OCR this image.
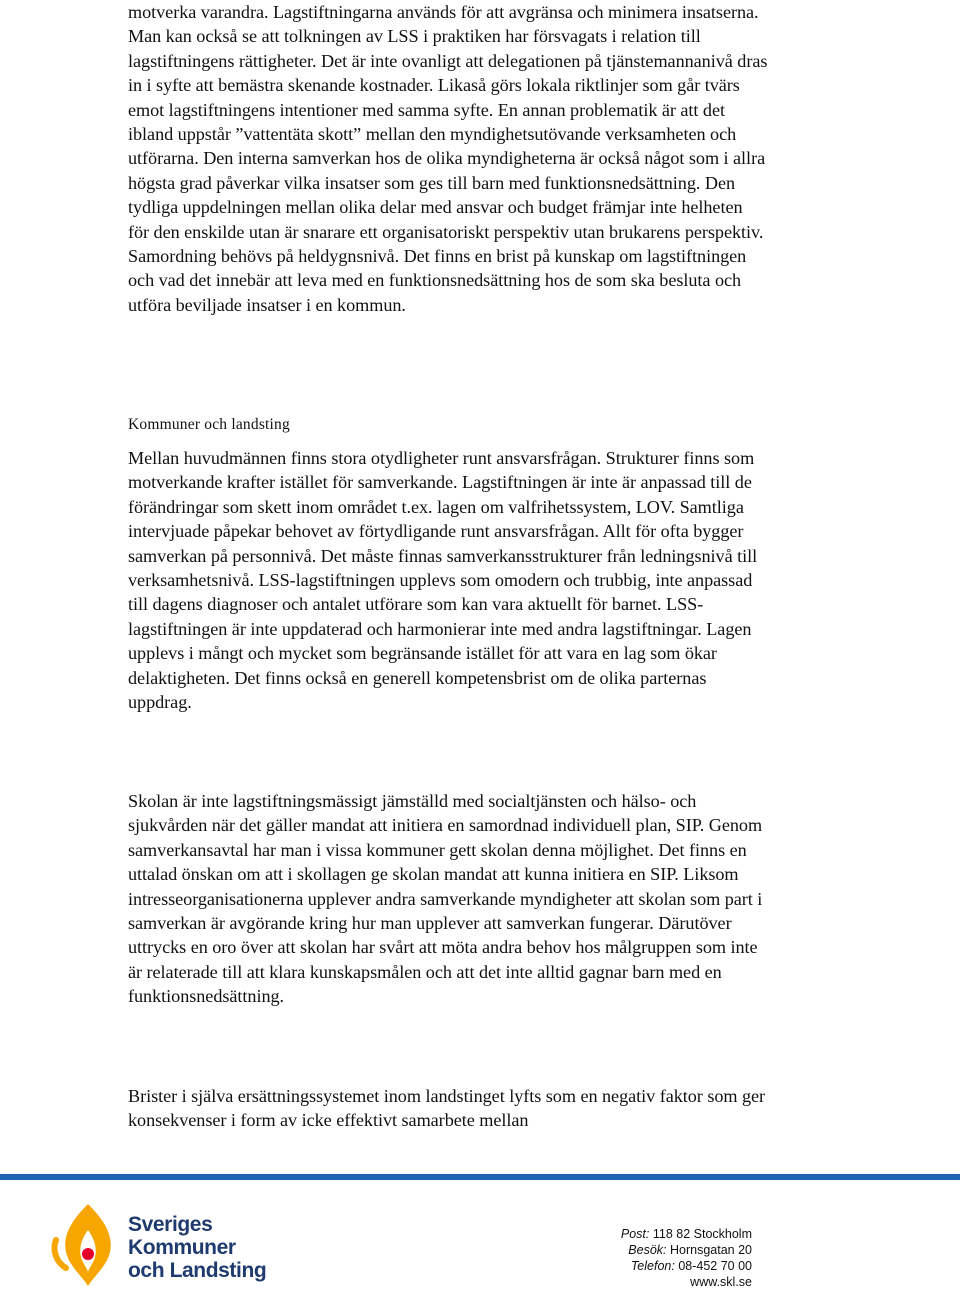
motverka varandra. Lagstiftningarna används för att avgränsa och minimera insatserna. Man kan också se att tolkningen av LSS i praktiken har försvagats i relation till lagstiftningens rättigheter. Det är inte ovanligt att delegationen på tjänstemannanivå dras in i syfte att bemästra skenande kostnader. Likaså görs lokala riktlinjer som går tvärs emot lagstiftningens intentioner med samma syfte. En annan problematik är att det ibland uppstår ”vattentäta skott” mellan den myndighetsutövande verksamheten och utförarna. Den interna samverkan hos de olika myndigheterna är också något som i allra högsta grad påverkar vilka insatser som ges till barn med funktionsnedsättning. Den tydliga uppdelningen mellan olika delar med ansvar och budget främjar inte helheten för den enskilde utan är snarare ett organisatoriskt perspektiv utan brukarens perspektiv. Samordning behövs på heldygnsnivå. Det finns en brist på kunskap om lagstiftningen och vad det innebär att leva med en funktionsnedsättning hos de som ska besluta och utföra beviljade insatser i en kommun.

Kommuner och landsting

Mellan huvudmännen finns stora otydligheter runt ansvarsfrågan. Strukturer finns som motverkande krafter istället för samverkande. Lagstiftningen är inte är anpassad till de förändringar som skett inom området t.ex. lagen om valfrihetssystem, LOV. Samtliga intervjuade påpekar behovet av förtydligande runt ansvarsfrågan. Allt för ofta bygger samverkan på personnivå. Det måste finnas samverkansstrukturer från ledningsnivå till verksamhetsnivå. LSS-lagstiftningen upplevs som omodern och trubbig, inte anpassad till dagens diagnoser och antalet utförare som kan vara aktuellt för barnet. LSS-lagstiftningen är inte uppdaterad och harmonierar inte med andra lagstiftningar. Lagen upplevs i mångt och mycket som begränsande istället för att vara en lag som ökar delaktigheten. Det finns också en generell kompetensbrist om de olika parternas uppdrag.

Skolan är inte lagstiftningsmässigt jämställd med socialtjänsten och hälso- och sjukvården när det gäller mandat att initiera en samordnad individuell plan, SIP. Genom samverkansavtal har man i vissa kommuner gett skolan denna möjlighet. Det finns en uttalad önskan om att i skollagen ge skolan mandat att kunna initiera en SIP. Liksom intresseorganisationerna upplever andra samverkande myndigheter att skolan som part i samverkan är avgörande kring hur man upplever att samverkan fungerar. Därutöver uttrycks en oro över att skolan har svårt att möta andra behov hos målgruppen som inte är relaterade till att klara kunskapsmålen och att det inte alltid gagnar barn med en funktionsnedsättning.

Brister i själva ersättningssystemet inom landstinget lyfts som en negativ faktor som ger konsekvenser i form av icke effektivt samarbete mellan

Sveriges
Kommuner
och Landsting
Post: 118 82 Stockholm
Besök: Hornsgatan 20
Telefon: 08-452 70 00
www.skl.se
